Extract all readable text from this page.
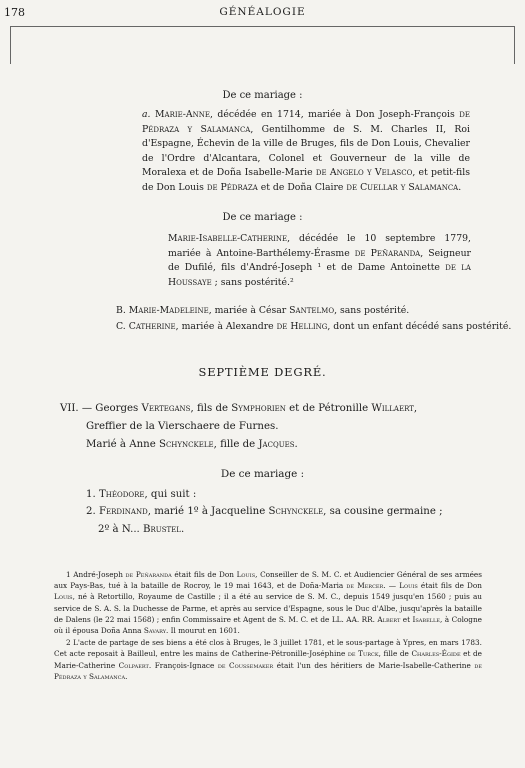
178	GÉNÉALOGIE
De ce mariage :
a. Marie-Anne, décédée en 1714, mariée à Don Joseph-François de Pédraza y Salamanca, Gentilhomme de S. M. Charles II, Roi d'Espagne, Échevin de la ville de Bruges, fils de Don Louis, Chevalier de l'Ordre d'Alcantara, Colonel et Gouverneur de la ville de Moralexa et de Doña Isabelle-Marie de Angelo y Velasco, et petit-fils de Don Louis de Pédraza et de Doña Claire de Cuellar y Salamanca.
De ce mariage :
Marie-Isabelle-Catherine, décédée le 10 septembre 1779, mariée à Antoine-Barthélemy-Érasme de Peñaranda, Seigneur de Dufilé, fils d'André-Joseph ¹ et de Dame Antoinette de la Houssaye ; sans postérité.²
B. Marie-Madeleine, mariée à César Santelmo, sans postérité.
C. Catherine, mariée à Alexandre de Helling, dont un enfant décédé sans postérité.
SEPTIÈME DEGRÉ.
VII. — Georges Vertegans, fils de Symphorien et de Pétronille Willaert,
Greffier de la Vierschaere de Furnes.
Marié à Anne Schynckele, fille de Jacques.
De ce mariage :
1. Théodore, qui suit :
2. Ferdinand, marié 1º à Jacqueline Schynckele, sa cousine germaine ;
2º à N... Brustel.

1 André-Joseph de Peñaranda était fils de Don Louis, Conseiller de S. M. C. et Audiencier Général de ses armées aux Pays-Bas, tué à la bataille de Rocroy, le 19 mai 1643, et de Doña-Maria de Mercer. — Louis était fils de Don Louis, né à Retortillo, Royaume de Castille ; il a été au service de S. M. C., depuis 1549 jusqu'en 1560 ; puis au service de S. A. S. la Duchesse de Parme, et après au service d'Espagne, sous le Duc d'Albe, jusqu'après la bataille de Dalens (le 22 mai 1568) ; enfin Commissaire et Agent de S. M. C. et de LL. AA. RR. Albert et Isabelle, à Cologne où il épousa Doña Anna Savary. Il mourut en 1601.

2 L'acte de partage de ses biens a été clos à Bruges, le 3 juillet 1781, et le sous-partage à Ypres, en mars 1783. Cet acte reposait à Bailleul, entre les mains de Catherine-Pétronille-Joséphine de Turck, fille de Charles-Égide et de Marie-Catherine Colpaert. François-Ignace de Coussemaker était l'un des héritiers de Marie-Isabelle-Catherine de Pédraza y Salamanca.
